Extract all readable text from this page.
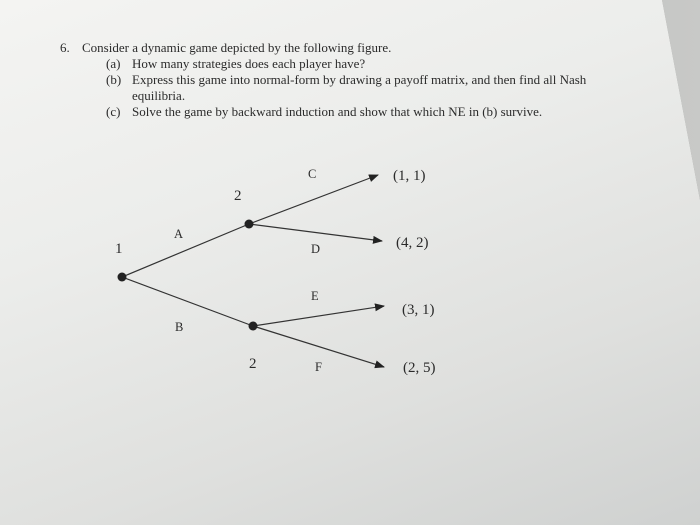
6. Consider a dynamic game depicted by the following figure.
(a) How many strategies does each player have?
(b) Express this game into normal-form by drawing a payoff matrix, and then find all Nash equilibria.
(c) Solve the game by backward induction and show that which NE in (b) survive.
1
2
2
A
B
C
D
E
F
(1, 1)
(4, 2)
(3, 1)
(2, 5)
